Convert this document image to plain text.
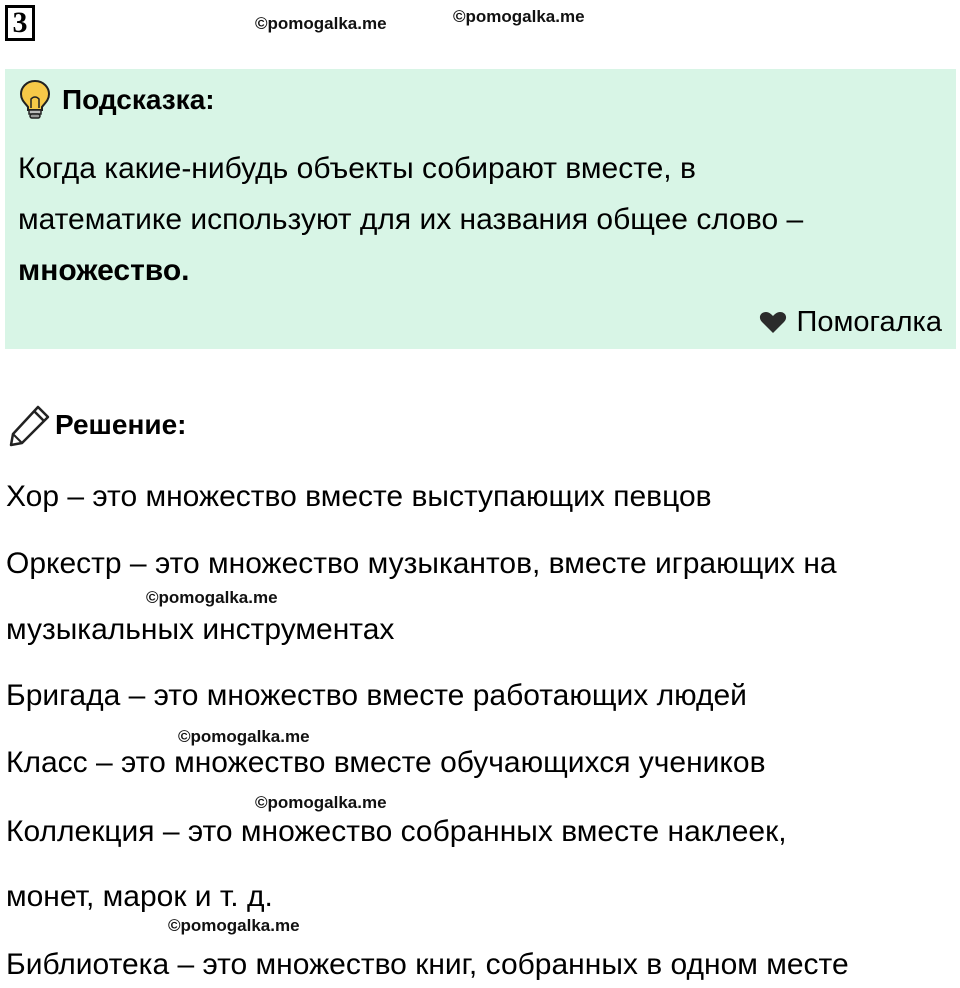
3	©pomogalka.me	©pomogalka.me
Подсказка:
Когда какие-нибудь объекты собирают вместе, в
математике используют для их названия общее слово –
множество.
Помогалка
Решение:
Хор – это множество вместе выступающих певцов
Оркестр – это множество музыкантов, вместе играющих на
музыкальных инструментах
Бригада – это множество вместе работающих людей
Класс – это множество вместе обучающихся учеников
Коллекция – это множество собранных вместе наклеек,
монет, марок и т. д.
Библиотека – это множество книг, собранных в одном месте
©pomogalka.me
©pomogalka.me
©pomogalka.me
©pomogalka.me
